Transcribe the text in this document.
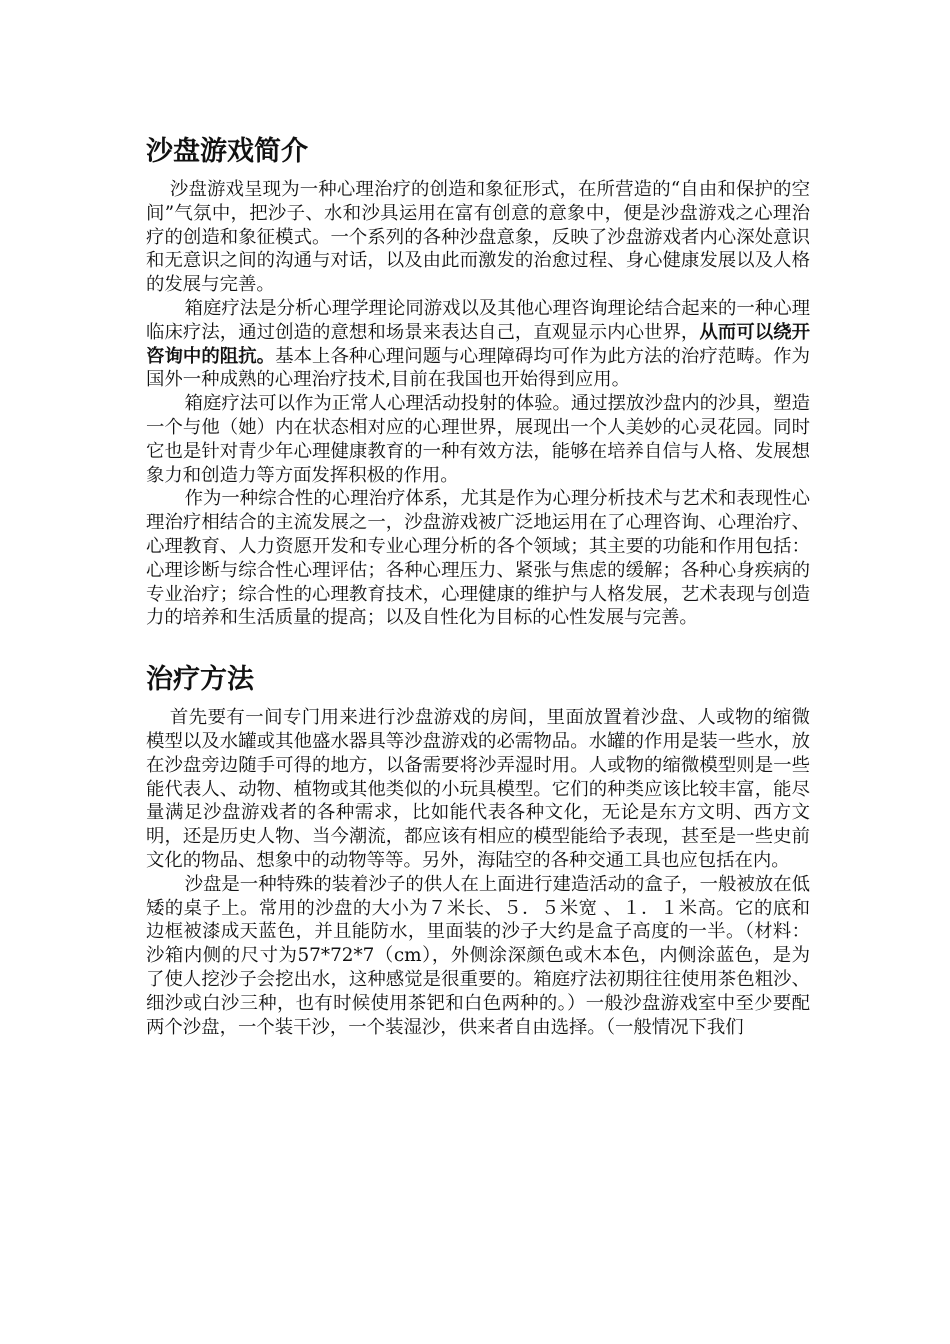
沙盘游戏简介

沙盘游戏呈现为一种心理治疗的创造和象征形式，在所营造的“自由和保护的空间”气氛中，把沙子、水和沙具运用在富有创意的意象中，便是沙盘游戏之心理治疗的创造和象征模式。一个系列的各种沙盘意象，反映了沙盘游戏者内心深处意识和无意识之间的沟通与对话，以及由此而激发的治愈过程、身心健康发展以及人格的发展与完善。

箱庭疗法是分析心理学理论同游戏以及其他心理咨询理论结合起来的一种心理临床疗法，通过创造的意想和场景来表达自己，直观显示内心世界，从而可以绕开咨询中的阻抗。基本上各种心理问题与心理障碍均可作为此方法的治疗范畴。作为国外一种成熟的心理治疗技术,目前在我国也开始得到应用。

箱庭疗法可以作为正常人心理活动投射的体验。通过摆放沙盘内的沙具，塑造一个与他（她）内在状态相对应的心理世界，展现出一个人美妙的心灵花园。同时它也是针对青少年心理健康教育的一种有效方法，能够在培养自信与人格、发展想象力和创造力等方面发挥积极的作用。

作为一种综合性的心理治疗体系，尤其是作为心理分析技术与艺术和表现性心理治疗相结合的主流发展之一，沙盘游戏被广泛地运用在了心理咨询、心理治疗、心理教育、人力资愿开发和专业心理分析的各个领域；其主要的功能和作用包括：心理诊断与综合性心理评估；各种心理压力、紧张与焦虑的缓解；各种心身疾病的专业治疗；综合性的心理教育技术，心理健康的维护与人格发展，艺术表现与创造力的培养和生活质量的提高；以及自性化为目标的心性发展与完善。

治疗方法

首先要有一间专门用来进行沙盘游戏的房间，里面放置着沙盘、人或物的缩微模型以及水罐或其他盛水器具等沙盘游戏的必需物品。水罐的作用是装一些水，放在沙盘旁边随手可得的地方，以备需要将沙弄湿时用。人或物的缩微模型则是一些能代表人、动物、植物或其他类似的小玩具模型。它们的种类应该比较丰富，能尽量满足沙盘游戏者的各种需求，比如能代表各种文化，无论是东方文明、西方文明，还是历史人物、当今潮流，都应该有相应的模型能给予表现，甚至是一些史前文化的物品、想象中的动物等等。另外，海陆空的各种交通工具也应包括在内。

沙盘是一种特殊的装着沙子的供人在上面进行建造活动的盒子，一般被放在低矮的桌子上。常用的沙盘的大小为７米长、５．５米宽 、１．１米高。它的底和边框被漆成天蓝色，并且能防水，里面装的沙子大约是盒子高度的一半。（材料：沙箱内侧的尺寸为57*72*7（cm），外侧涂深颜色或木本色，内侧涂蓝色，是为了使人挖沙子会挖出水，这种感觉是很重要的。箱庭疗法初期往往使用茶色粗沙、细沙或白沙三种，也有时候使用茶钯和白色两种的。）一般沙盘游戏室中至少要配两个沙盘，一个装干沙，一个装湿沙，供来者自由选择。（一般情况下我们
